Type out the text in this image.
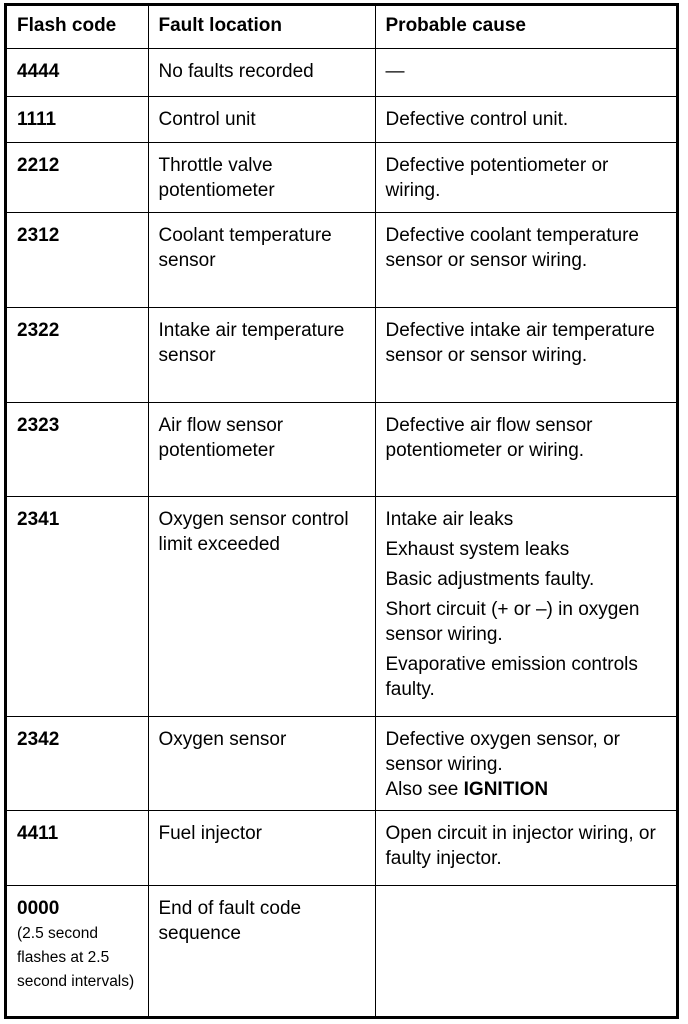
Flash code	Fault location	Probable cause
4444	No faults recorded	—
1111	Control unit	Defective control unit.
2212	Throttle valve potentiometer	Defective potentiometer or wiring.
2312	Coolant temperature sensor	Defective coolant temperature sensor or sensor wiring.
2322	Intake air temperature sensor	Defective intake air temperature sensor or sensor wiring.
2323	Air flow sensor potentiometer	Defective air flow sensor potentiometer or wiring.
2341	Oxygen sensor control limit exceeded	Intake air leaks
Exhaust system leaks
Basic adjustments faulty.
Short circuit (+ or –) in oxygen sensor wiring.
Evaporative emission controls faulty.

2342	Oxygen sensor	Defective oxygen sensor, or sensor wiring.
Also see IGNITION

4411	Fuel injector	Open circuit in injector wiring, or faulty injector.
0000
(2.5 second flashes at 2.5 second intervals)	End of fault code sequence	
